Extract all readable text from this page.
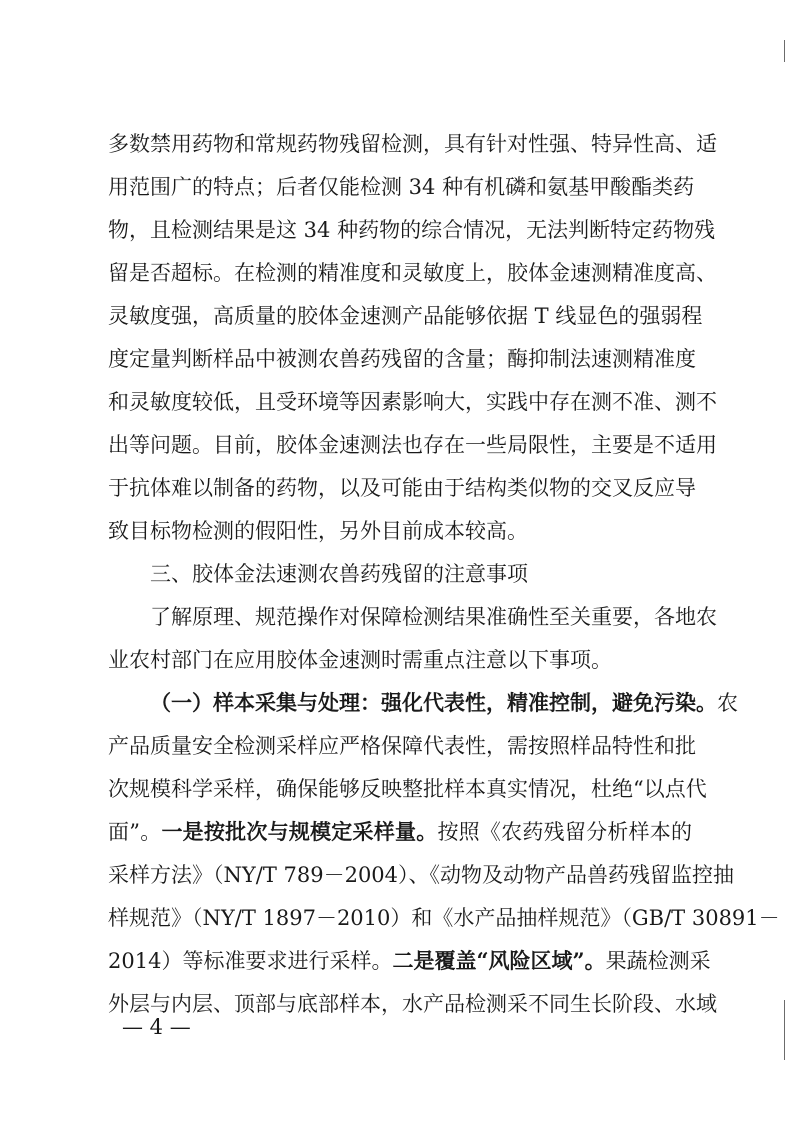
多数禁用药物和常规药物残留检测，具有针对性强、特异性高、适
用范围广的特点；后者仅能检测 34 种有机磷和氨基甲酸酯类药
物，且检测结果是这 34 种药物的综合情况，无法判断特定药物残
留是否超标。在检测的精准度和灵敏度上，胶体金速测精准度高、
灵敏度强，高质量的胶体金速测产品能够依据 T 线显色的强弱程
度定量判断样品中被测农兽药残留的含量；酶抑制法速测精准度
和灵敏度较低，且受环境等因素影响大，实践中存在测不准、测不
出等问题。目前，胶体金速测法也存在一些局限性，主要是不适用
于抗体难以制备的药物，以及可能由于结构类似物的交叉反应导
致目标物检测的假阳性，另外目前成本较高。
三、胶体金法速测农兽药残留的注意事项
了解原理、规范操作对保障检测结果准确性至关重要，各地农
业农村部门在应用胶体金速测时需重点注意以下事项。
（一）样本采集与处理：强化代表性，精准控制，避免污染。农
产品质量安全检测采样应严格保障代表性，需按照样品特性和批
次规模科学采样，确保能够反映整批样本真实情况，杜绝“以点代
面”。一是按批次与规模定采样量。按照《农药残留分析样本的
采样方法》（NY/T 789－2004）、《动物及动物产品兽药残留监控抽
样规范》（NY/T 1897－2010）和《水产品抽样规范》（GB/T 30891－
2014）等标准要求进行采样。二是覆盖“风险区域”。果蔬检测采
外层与内层、顶部与底部样本，水产品检测采不同生长阶段、水域
— 4 —
